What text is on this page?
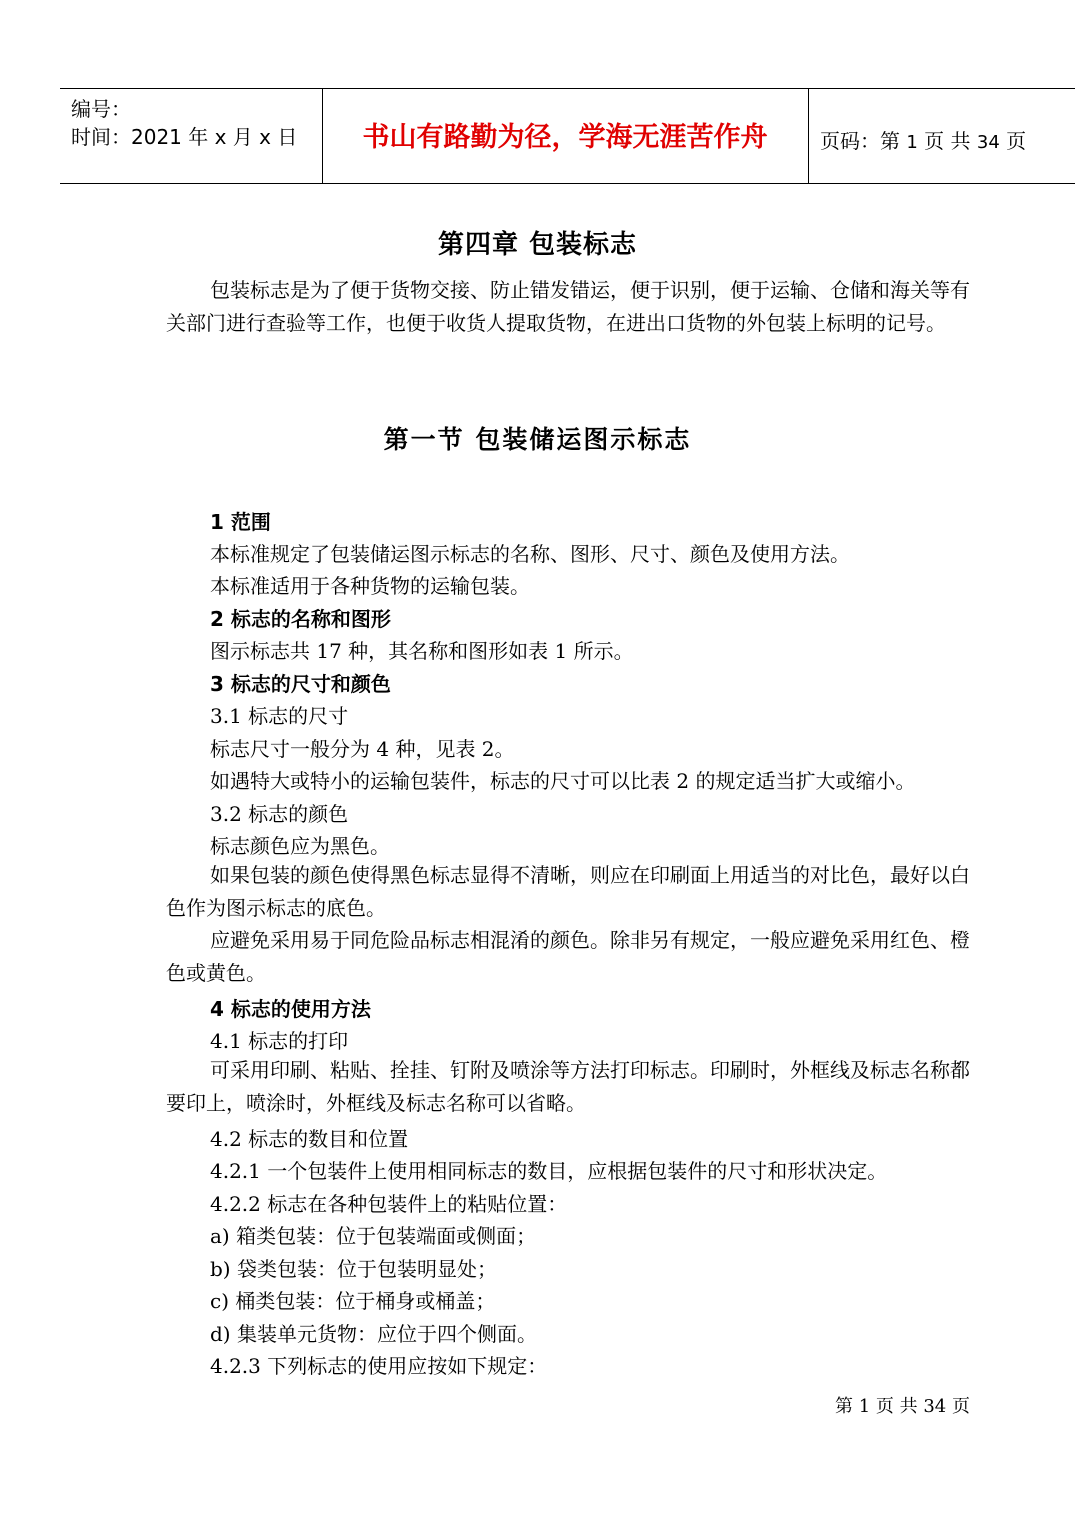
编号：
时间：2021 年 x 月 x 日	书山有路勤为径，学海无涯苦作舟	页码：第 1 页 共 34 页
第四章 包装标志

包装标志是为了便于货物交接、防止错发错运，便于识别，便于运输、仓储和海关等有关部门进行查验等工作，也便于收货人提取货物，在进出口货物的外包装上标明的记号。

第一节 包装储运图示标志
1 范围
本标准规定了包装储运图示标志的名称、图形、尺寸、颜色及使用方法。
本标准适用于各种货物的运输包装。
2 标志的名称和图形
图示标志共 17 种，其名称和图形如表 1 所示。
3 标志的尺寸和颜色
3.1 标志的尺寸
标志尺寸一般分为 4 种，见表 2。
如遇特大或特小的运输包装件，标志的尺寸可以比表 2 的规定适当扩大或缩小。
3.2 标志的颜色
标志颜色应为黑色。

如果包装的颜色使得黑色标志显得不清晰，则应在印刷面上用适当的对比色，最好以白色作为图示标志的底色。

应避免采用易于同危险品标志相混淆的颜色。除非另有规定，一般应避免采用红色、橙色或黄色。

4 标志的使用方法
4.1 标志的打印

可采用印刷、粘贴、拴挂、钉附及喷涂等方法打印标志。印刷时，外框线及标志名称都要印上，喷涂时，外框线及标志名称可以省略。

4.2 标志的数目和位置
4.2.1 一个包装件上使用相同标志的数目，应根据包装件的尺寸和形状决定。
4.2.2 标志在各种包装件上的粘贴位置：
a) 箱类包装：位于包装端面或侧面；
b) 袋类包装：位于包装明显处；
c) 桶类包装：位于桶身或桶盖；
d) 集装单元货物：应位于四个侧面。
4.2.3 下列标志的使用应按如下规定：
第 1 页 共 34 页
